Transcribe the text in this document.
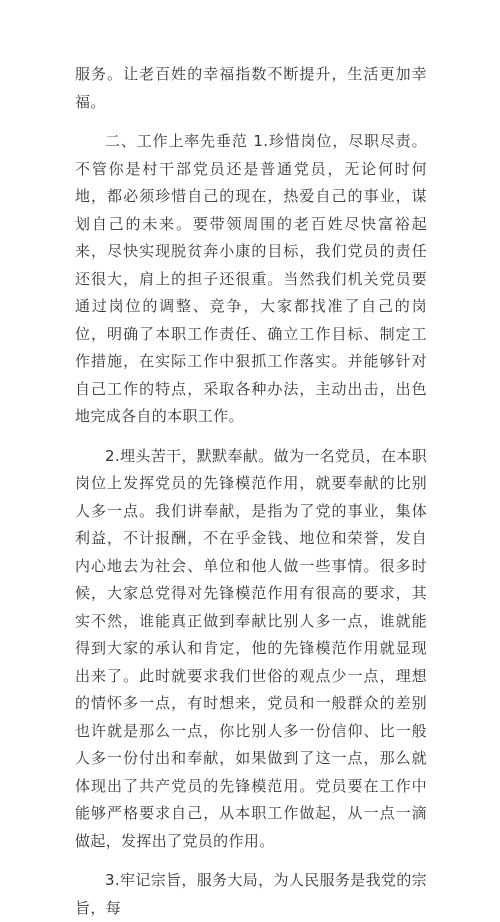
服务。让老百姓的幸福指数不断提升，生活更加幸福。

二、工作上率先垂范 1.珍惜岗位，尽职尽责。不管你是村干部党员还是普通党员，无论何时何地，都必须珍惜自己的现在，热爱自己的事业，谋划自己的未来。要带领周围的老百姓尽快富裕起来，尽快实现脱贫奔小康的目标，我们党员的责任还很大，肩上的担子还很重。当然我们机关党员要通过岗位的调整、竞争，大家都找准了自己的岗位，明确了本职工作责任、确立工作目标、制定工作措施，在实际工作中狠抓工作落实。并能够针对自己工作的特点，采取各种办法，主动出击，出色地完成各自的本职工作。

2.埋头苦干，默默奉献。做为一名党员，在本职岗位上发挥党员的先锋模范作用，就要奉献的比别人多一点。我们讲奉献，是指为了党的事业，集体利益，不计报酬，不在乎金钱、地位和荣誉，发自内心地去为社会、单位和他人做一些事情。很多时候，大家总党得对先锋模范作用有很高的要求，其实不然，谁能真正做到奉献比别人多一点，谁就能得到大家的承认和肯定，他的先锋模范作用就显现出来了。此时就要求我们世俗的观点少一点，理想的情怀多一点，有时想来，党员和一般群众的差别也许就是那么一点，你比别人多一份信仰、比一般人多一份付出和奉献，如果做到了这一点，那么就体现出了共产党员的先锋模范用。党员要在工作中能够严格要求自己，从本职工作做起，从一点一滴做起，发挥出了党员的作用。

3.牢记宗旨，服务大局，为人民服务是我党的宗旨，每
